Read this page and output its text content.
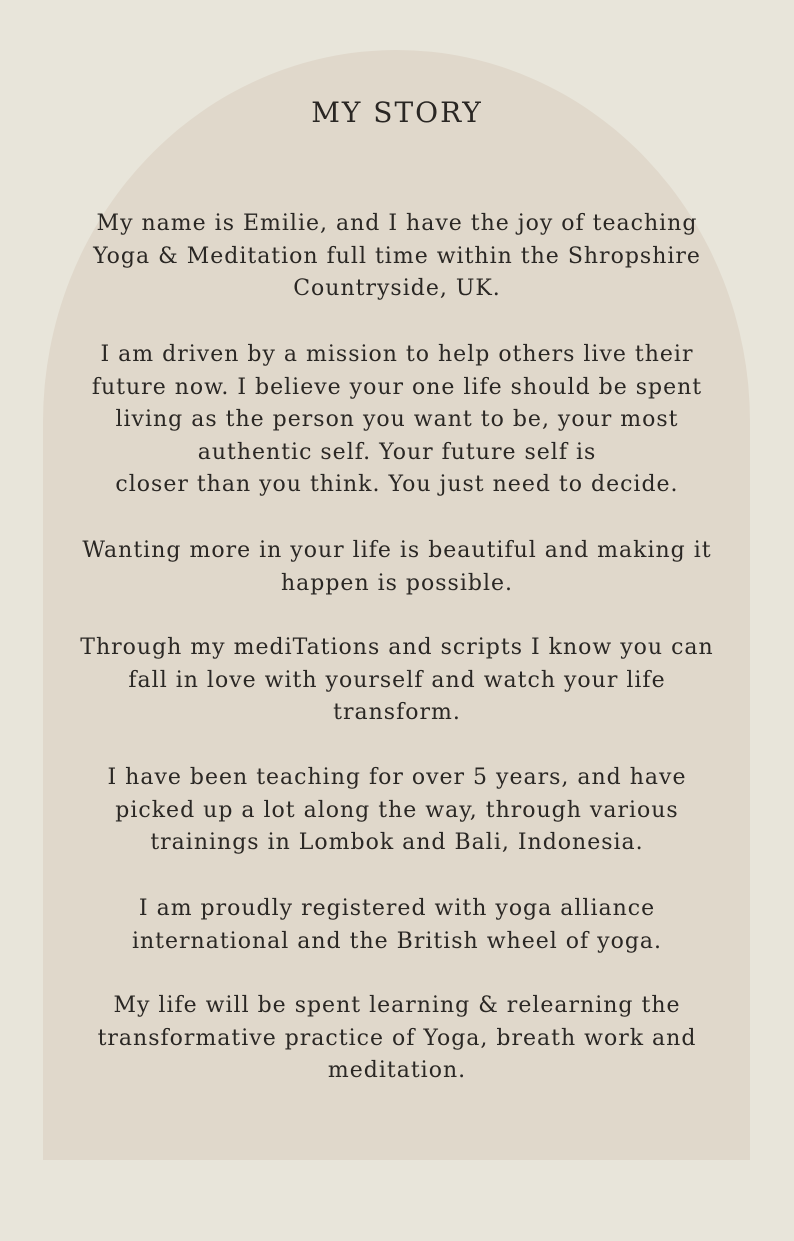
MY STORY

My name is Emilie, and I have the joy of teaching
Yoga & Meditation full time within the Shropshire
Countryside, UK.

I am driven by a mission to help others live their
future now. I believe your one life should be spent
living as the person you want to be, your most
authentic self. Your future self is
closer than you think. You just need to decide.

Wanting more in your life is beautiful and making it
happen is possible.

Through my mediTations and scripts I know you can
fall in love with yourself and watch your life
transform.

I have been teaching for over 5 years, and have
picked up a lot along the way, through various
trainings in Lombok and Bali, Indonesia.

I am proudly registered with yoga alliance
international and the British wheel of yoga.

My life will be spent learning & relearning the
transformative practice of Yoga, breath work and
meditation.
